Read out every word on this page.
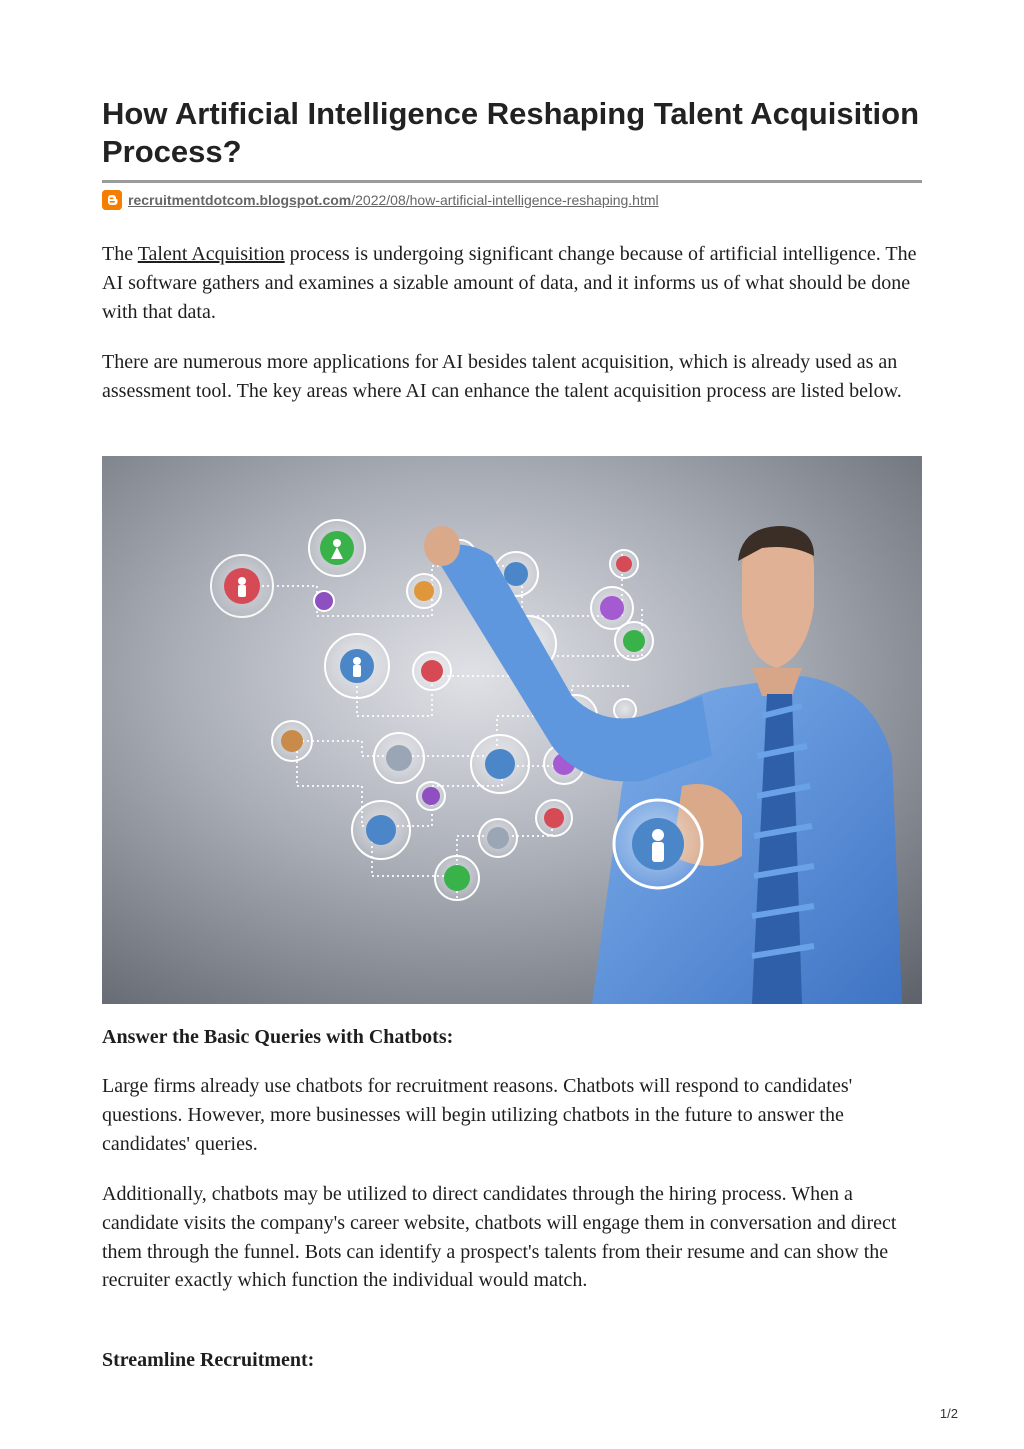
How Artificial Intelligence Reshaping Talent Acquisition Process?
recruitmentdotcom.blogspot.com /2022/08/how-artificial-intelligence-reshaping.html

The Talent Acquisition process is undergoing significant change because of artificial intelligence. The AI software gathers and examines a sizable amount of data, and it informs us of what should be done with that data.

There are numerous more applications for AI besides talent acquisition, which is already used as an assessment tool. The key areas where AI can enhance the talent acquisition process are listed below.

Answer the Basic Queries with Chatbots:

Large firms already use chatbots for recruitment reasons. Chatbots will respond to candidates' questions. However, more businesses will begin utilizing chatbots in the future to answer the candidates' queries.

Additionally, chatbots may be utilized to direct candidates through the hiring process. When a candidate visits the company's career website, chatbots will engage them in conversation and direct them through the funnel. Bots can identify a prospect's talents from their resume and can show the recruiter exactly which function the individual would match.

Streamline Recruitment:

1/2
